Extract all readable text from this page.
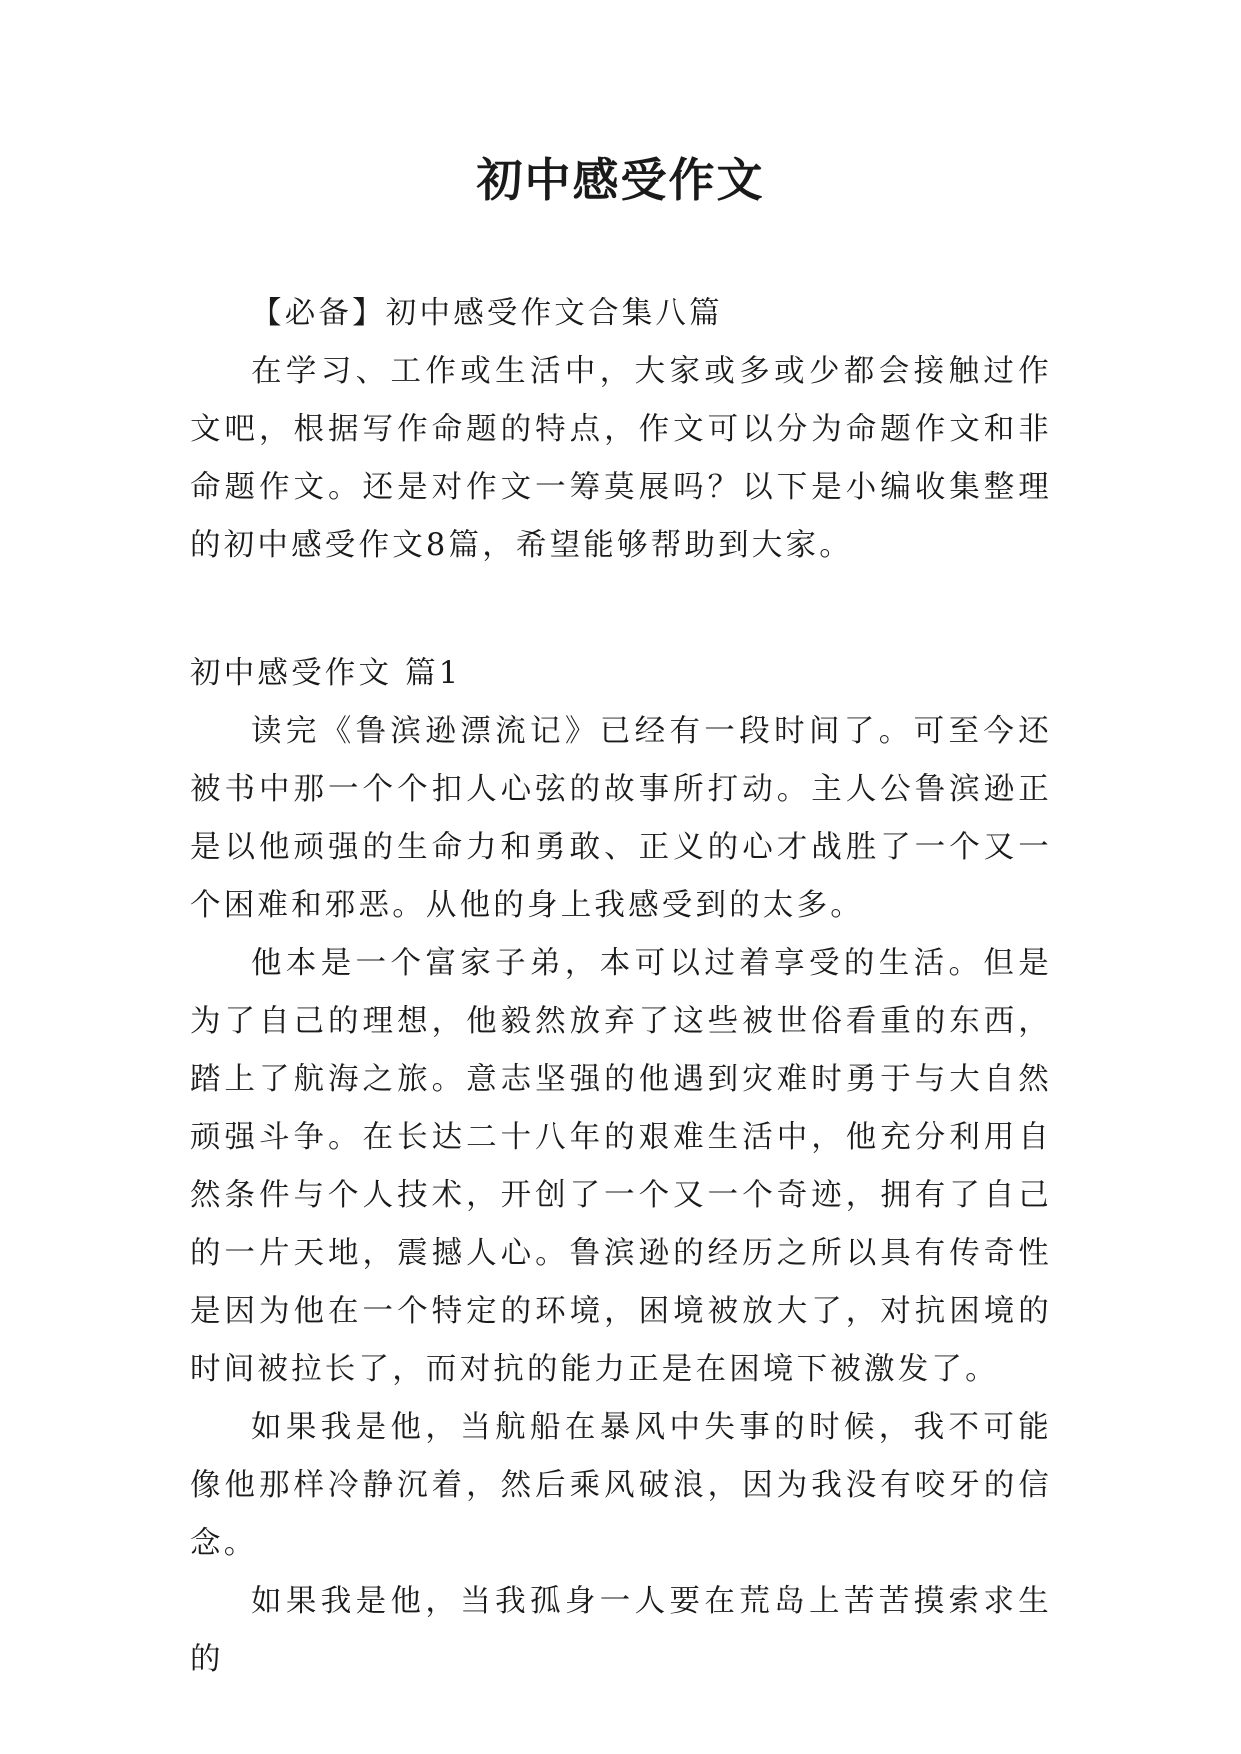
初中感受作文

【必备】初中感受作文合集八篇

在学习、工作或生活中，大家或多或少都会接触过作文吧，根据写作命题的特点，作文可以分为命题作文和非命题作文。还是对作文一筹莫展吗？以下是小编收集整理的初中感受作文8篇，希望能够帮助到大家。

初中感受作文 篇1

读完《鲁滨逊漂流记》已经有一段时间了。可至今还被书中那一个个扣人心弦的故事所打动。主人公鲁滨逊正是以他顽强的生命力和勇敢、正义的心才战胜了一个又一个困难和邪恶。从他的身上我感受到的太多。

他本是一个富家子弟，本可以过着享受的生活。但是为了自己的理想，他毅然放弃了这些被世俗看重的东西，踏上了航海之旅。意志坚强的他遇到灾难时勇于与大自然顽强斗争。在长达二十八年的艰难生活中，他充分利用自然条件与个人技术，开创了一个又一个奇迹，拥有了自己的一片天地，震撼人心。鲁滨逊的经历之所以具有传奇性是因为他在一个特定的环境，困境被放大了，对抗困境的时间被拉长了，而对抗的能力正是在困境下被激发了。

如果我是他，当航船在暴风中失事的时候，我不可能像他那样冷静沉着，然后乘风破浪，因为我没有咬牙的信念。

如果我是他，当我孤身一人要在荒岛上苦苦摸索求生的
